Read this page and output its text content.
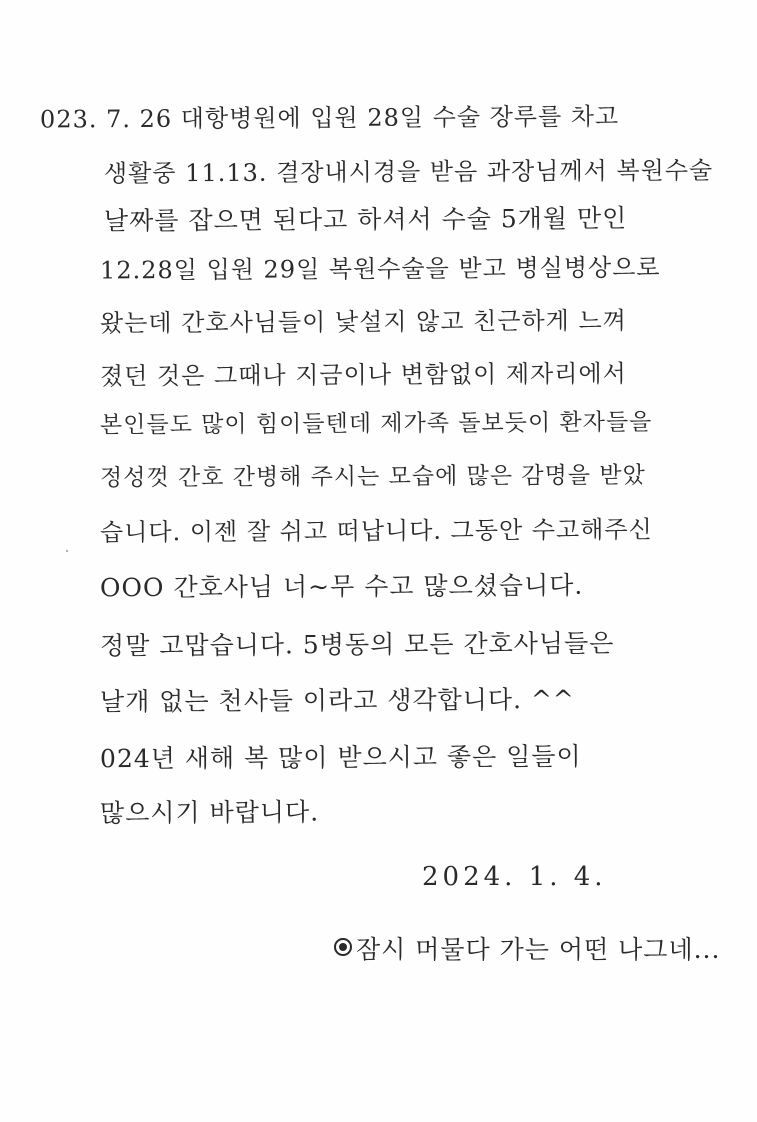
023. 7. 26 대항병원에 입원 28일 수술 장루를 차고
생활중 11.13. 결장내시경을 받음 과장님께서 복원수술
날짜를 잡으면 된다고 하셔서 수술 5개월 만인
12.28일 입원 29일 복원수술을 받고 병실병상으로
왔는데 간호사님들이 낯설지 않고 친근하게 느껴
졌던 것은 그때나 지금이나 변함없이 제자리에서
본인들도 많이 힘이들텐데 제가족 돌보듯이 환자들을
정성껏 간호 간병해 주시는 모습에 많은 감명을 받았
습니다. 이젠 잘 쉬고 떠납니다. 그동안 수고해주신
OOO 간호사님 너~무 수고 많으셨습니다.
정말 고맙습니다. 5병동의 모든 간호사님들은
날개 없는 천사들 이라고 생각합니다. ^^
024년 새해 복 많이 받으시고 좋은 일들이
많으시기 바랍니다.
2024. 1. 4.
잠시 머물다 가는 어떤 나그네...
